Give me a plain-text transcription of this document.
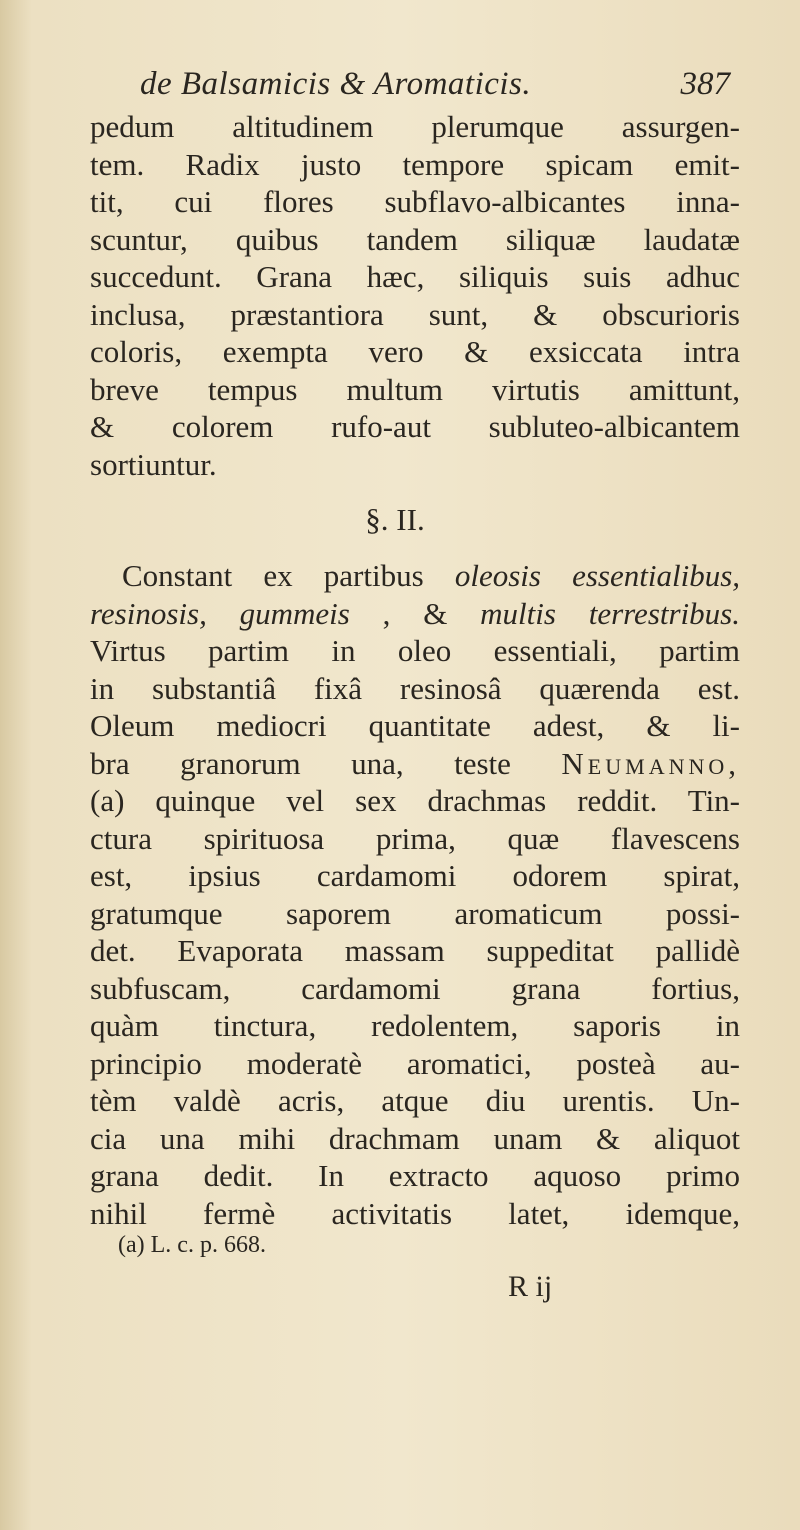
de Balsamicis & Aromaticis.	387
pedum altitudinem plerumque assurgen-
tem. Radix justo tempore spicam emit-
tit, cui flores subflavo-albicantes inna-
scuntur, quibus tandem siliquæ laudatæ
succedunt. Grana hæc, siliquis suis adhuc
inclusa, præstantiora sunt, & obscurioris
coloris, exempta vero & exsiccata intra
breve tempus multum virtutis amittunt,
& colorem rufo-aut subluteo-albicantem
sortiuntur.
§. II.
Constant ex partibus oleosis essentialibus,
resinosis, gummeis , & multis terrestribus.
Virtus partim in oleo essentiali, partim
in substantiâ fixâ resinosâ quærenda est.
Oleum mediocri quantitate adest, & li-
bra granorum una, teste Neumanno,
(a) quinque vel sex drachmas reddit. Tin-
ctura spirituosa prima, quæ flavescens
est, ipsius cardamomi odorem spirat,
gratumque saporem aromaticum possi-
det. Evaporata massam suppeditat pallidè
subfuscam, cardamomi grana fortius,
quàm tinctura, redolentem, saporis in
principio moderatè aromatici, posteà au-
tèm valdè acris, atque diu urentis. Un-
cia una mihi drachmam unam & aliquot
grana dedit. In extracto aquoso primo
nihil fermè activitatis latet, idemque,
(a) L. c. p. 668.
R ij
